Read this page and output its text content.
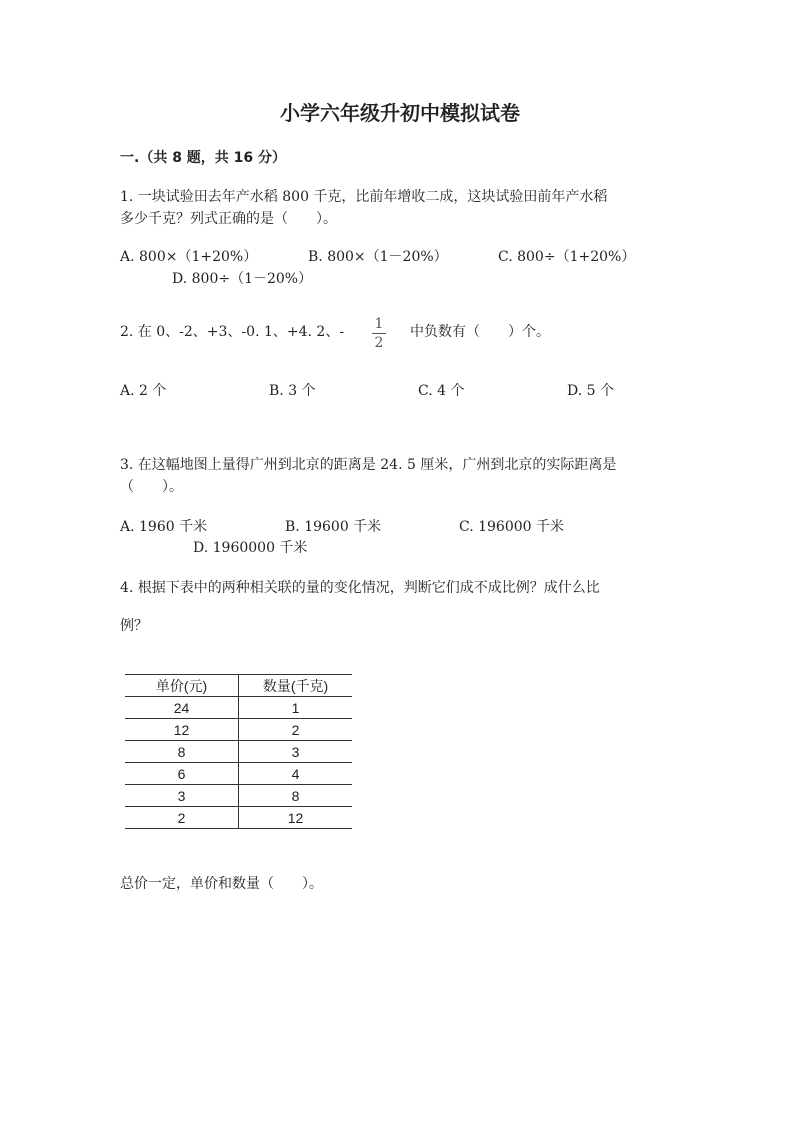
小学六年级升初中模拟试卷
一.（共 8 题，共 16 分）
1. 一块试验田去年产水稻 800 千克，比前年增收二成，这块试验田前年产水稻
多少千克？列式正确的是（　　）。
A. 800×（1+20%）	B. 800×（1－20%）	C. 800÷（1+20%）
D. 800÷（1－20%）
2. 在 0、-2、+3、-0. 1、+4. 2、- 1
2
中负数有（　　）个。
A. 2 个	B. 3 个	C. 4 个	D. 5 个
3. 在这幅地图上量得广州到北京的距离是 24. 5 厘米，广州到北京的实际距离是
（　　）。
A. 1960 千米	B. 19600 千米	C. 196000 千米
D. 1960000 千米
4. 根据下表中的两种相关联的量的变化情况，判断它们成不成比例？成什么比
例？
单价(元)	数量(千克)
24	1
12	2
8	3
6	4
3	8
2	12
总价一定，单价和数量（　　）。
